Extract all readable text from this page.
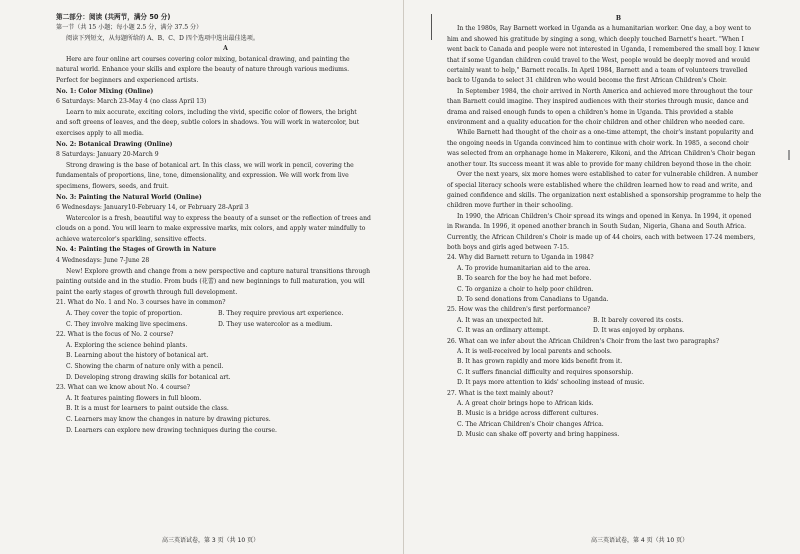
第二部分：阅读 (共两节，满分 50 分)

第一节（共 15 小题；每小题 2.5 分，满分 37.5 分）

阅读下列短文，从每题所给的 A、B、C、D 四个选项中选出最佳选项。

A

Here are four online art courses covering color mixing, botanical drawing, and painting the

natural world. Enhance your skills and explore the beauty of nature through various mediums.

Perfect for beginners and experienced artists.

No. 1: Color Mixing (Online)

6 Saturdays: March 23-May 4 (no class April 13)

Learn to mix accurate, exciting colors, including the vivid, specific color of flowers, the bright

and soft greens of leaves, and the deep, subtle colors in shadows. You will work in watercolor, but

exercises apply to all media.

No. 2: Botanical Drawing (Online)

8 Saturdays: January 20-March 9

Strong drawing is the base of botanical art. In this class, we will work in pencil, covering the

fundamentals of proportions, line, tone, dimensionality, and expression. We will work from live

specimens, flowers, seeds, and fruit.

No. 3: Painting the Natural World (Online)

6 Wednesdays: January10-February 14, or February 28-April 3

Watercolor is a fresh, beautiful way to express the beauty of a sunset or the reflection of trees and

clouds on a pond. You will learn to make expressive marks, mix colors, and apply water mindfully to

achieve watercolor's sparkling, sensitive effects.

No. 4: Painting the Stages of Growth in Nature

4 Wednesdays: June 7-June 28

New! Explore growth and change from a new perspective and capture natural transitions through

painting outside and in the studio. From buds (花蕾) and new beginnings to full maturation, you will

paint the early stages of growth through full development.

21. What do No. 1 and No. 3 courses have in common?

A. They cover the topic of proportion.	B. They require previous art experience.
C. They involve making live specimens.	D. They use watercolor as a medium.

22. What is the focus of No. 2 course?

A. Exploring the science behind plants.

B. Learning about the history of botanical art.

C. Showing the charm of nature only with a pencil.

D. Developing strong drawing skills for botanical art.

23. What can we know about No. 4 course?

A. It features painting flowers in full bloom.

B. It is a must for learners to paint outside the class.

C. Learners may know the changes in nature by drawing pictures.

D. Learners can explore new drawing techniques during the course.

高三英语试卷，第 3 页（共 10 页）

B

In the 1980s, Ray Barnett worked in Uganda as a humanitarian worker. One day, a boy went to

him and showed his gratitude by singing a song, which deeply touched Barnett's heart. "When I

went back to Canada and people were not interested in Uganda, I remembered the small boy. I knew

that if some Ugandan children could travel to the West, people would be deeply moved and would

certainly want to help," Barnett recalls. In April 1984, Barnett and a team of volunteers travelled

back to Uganda to select 31 children who would become the first African Children's Choir.

In September 1984, the choir arrived in North America and achieved more throughout the tour

than Barnett could imagine. They inspired audiences with their stories through music, dance and

drama and raised enough funds to open a children's home in Uganda. This provided a stable

environment and a quality education for the choir children and other children who needed care.

While Barnett had thought of the choir as a one-time attempt, the choir's instant popularity and

the ongoing needs in Uganda convinced him to continue with choir work. In 1985, a second choir

was selected from an orphanage home in Makerere, Kikoni, and the African Children's Choir began

another tour. Its success meant it was able to provide for many children beyond those in the choir.

Over the next years, six more homes were established to cater for vulnerable children. A number

of special literacy schools were established where the children learned how to read and write, and

gained confidence and skills. The organization next established a sponsorship programme to help the

children move further in their schooling.

In 1990, the African Children's Choir spread its wings and opened in Kenya. In 1994, it opened

in Rwanda. In 1996, it opened another branch in South Sudan, Nigeria, Ghana and South Africa.

Currently, the African Children's Choir is made up of 44 choirs, each with between 17-24 members,

both boys and girls aged between 7-15.

24. Why did Barnett return to Uganda in 1984?

A. To provide humanitarian aid to the area.

B. To search for the boy he had met before.

C. To organize a choir to help poor children.

D. To send donations from Canadians to Uganda.

25. How was the children's first performance?

A. It was an unexpected hit.	B. It barely covered its costs.
C. It was an ordinary attempt.	D. It was enjoyed by orphans.

26. What can we infer about the African Children's Choir from the last two paragraphs?

A. It is well-received by local parents and schools.

B. It has grown rapidly and more kids benefit from it.

C. It suffers financial difficulty and requires sponsorship.

D. It pays more attention to kids' schooling instead of music.

27. What is the text mainly about?

A. A great choir brings hope to African kids.

B. Music is a bridge across different cultures.

C. The African Children's Choir changes Africa.

D. Music can shake off poverty and bring happiness.

高三英语试卷，第 4 页（共 10 页）
